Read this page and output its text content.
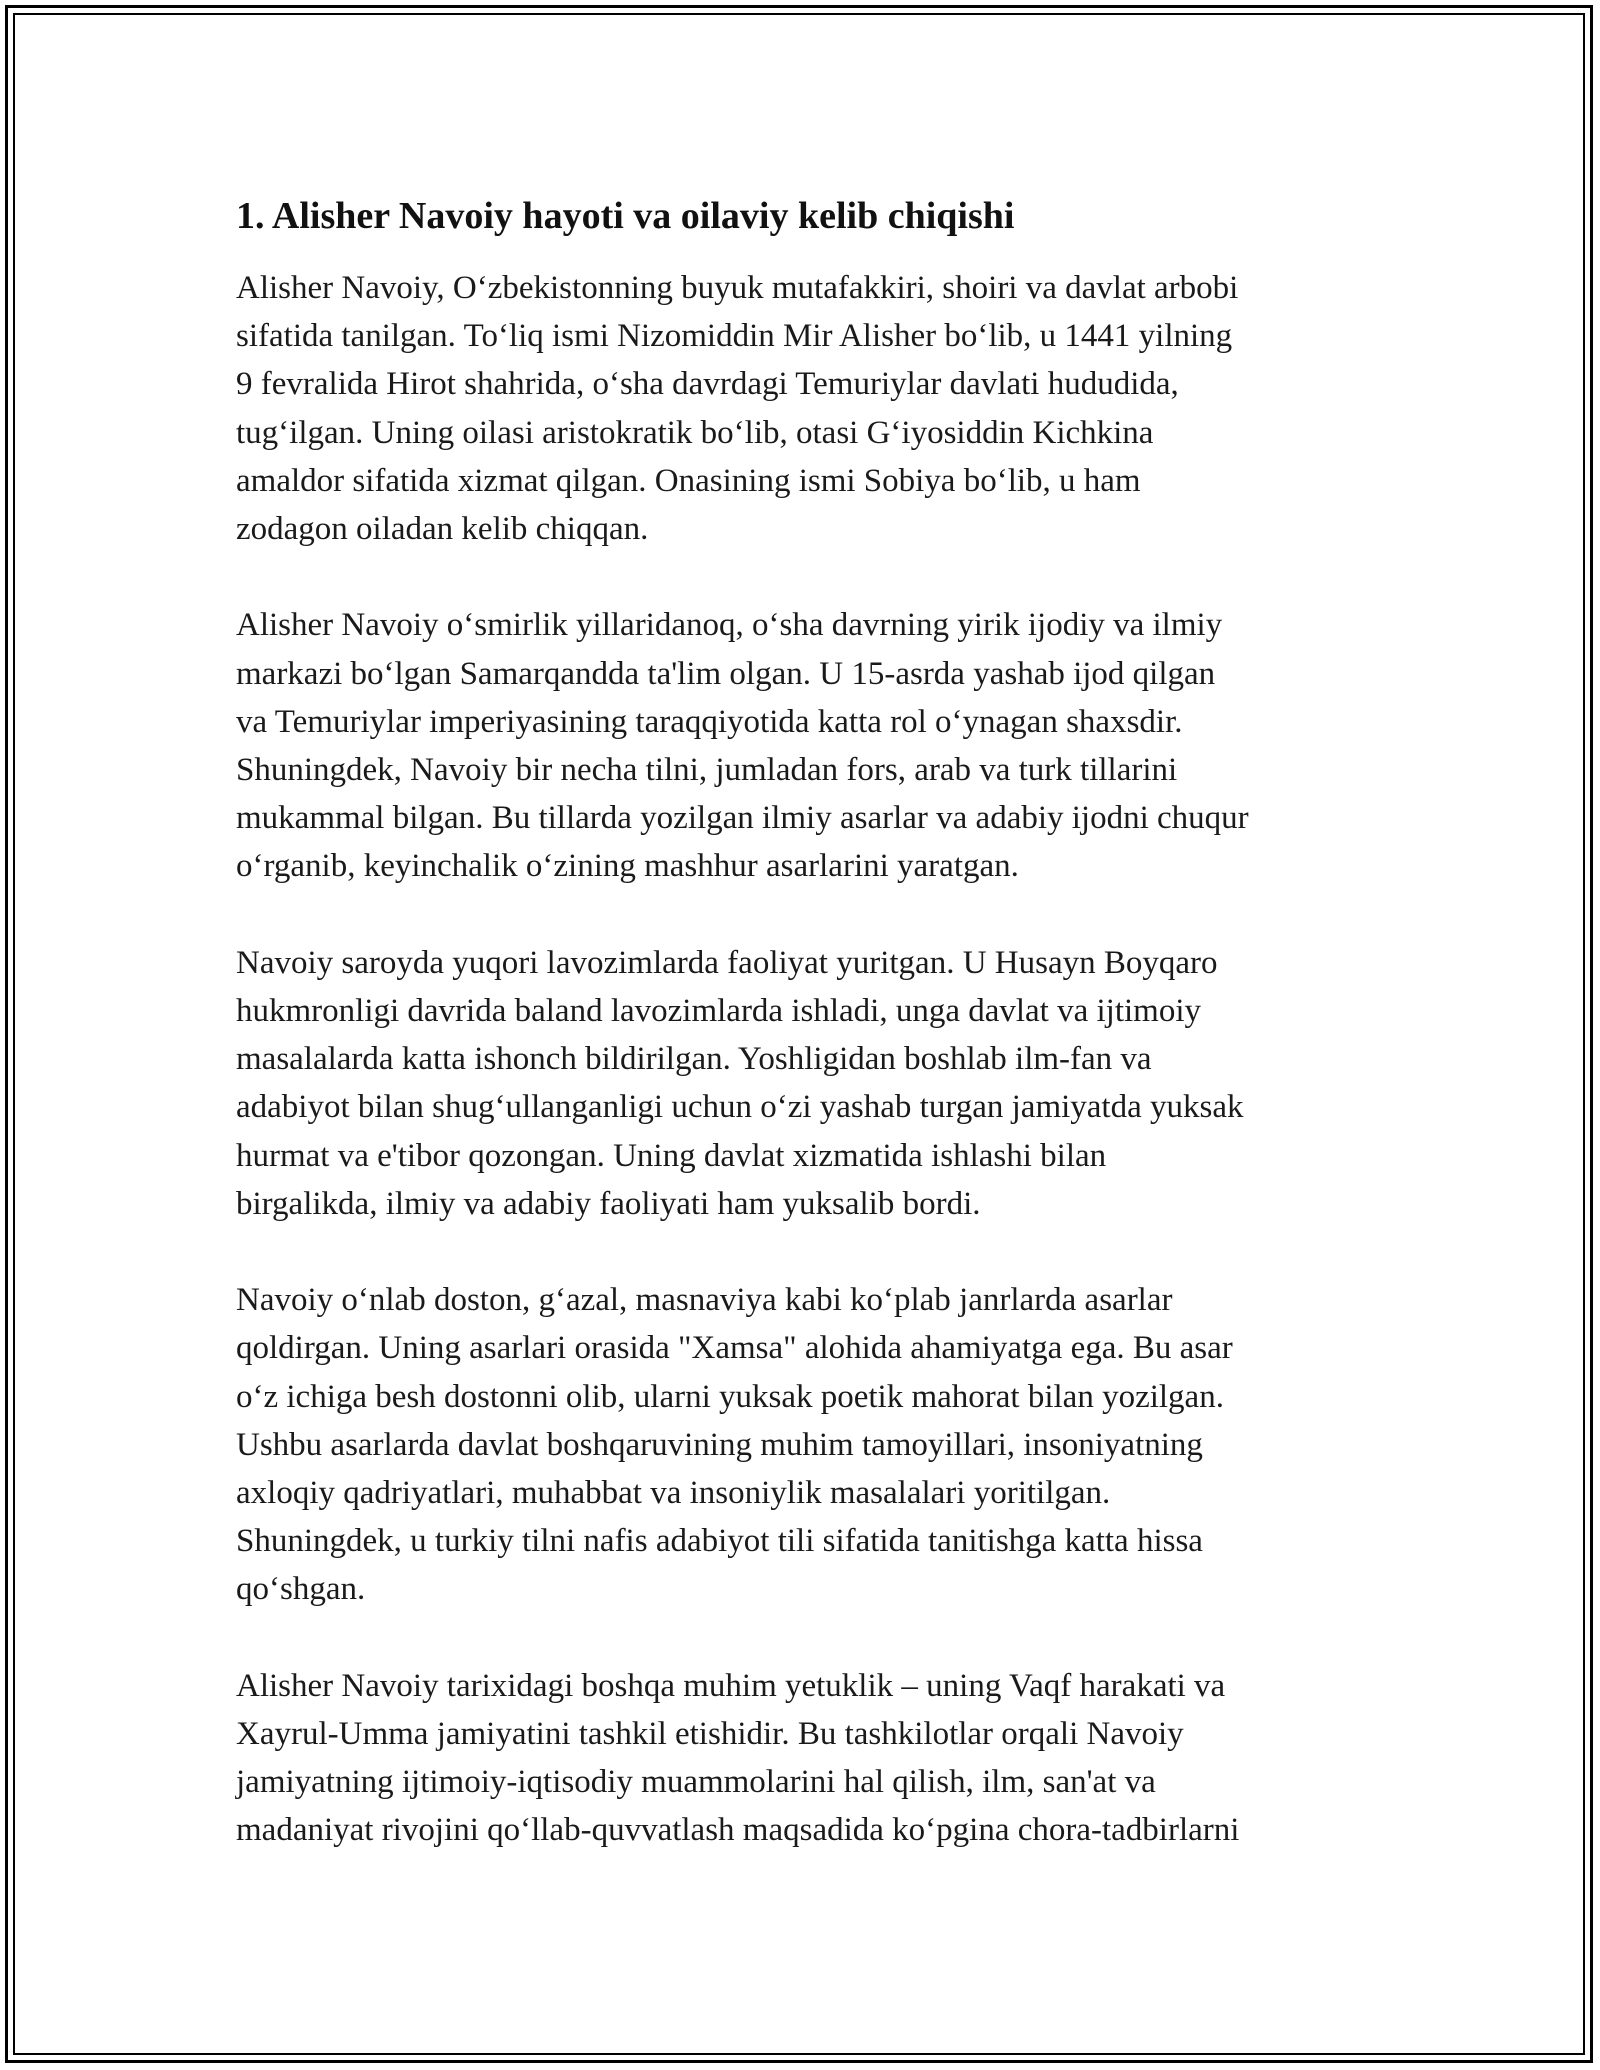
1. Alisher Navoiy hayoti va oilaviy kelib chiqishi
Alisher Navoiy, O‘zbekistonning buyuk mutafakkiri, shoiri va davlat arbobi
sifatida tanilgan. To‘liq ismi Nizomiddin Mir Alisher bo‘lib, u 1441 yilning
9 fevralida Hirot shahrida, o‘sha davrdagi Temuriylar davlati hududida,
tug‘ilgan. Uning oilasi aristokratik bo‘lib, otasi G‘iyosiddin Kichkina
amaldor sifatida xizmat qilgan. Onasining ismi Sobiya bo‘lib, u ham
zodagon oiladan kelib chiqqan.
Alisher Navoiy o‘smirlik yillaridanoq, o‘sha davrning yirik ijodiy va ilmiy
markazi bo‘lgan Samarqandda ta'lim olgan. U 15-asrda yashab ijod qilgan
va Temuriylar imperiyasining taraqqiyotida katta rol o‘ynagan shaxsdir.
Shuningdek, Navoiy bir necha tilni, jumladan fors, arab va turk tillarini
mukammal bilgan. Bu tillarda yozilgan ilmiy asarlar va adabiy ijodni chuqur
o‘rganib, keyinchalik o‘zining mashhur asarlarini yaratgan.
Navoiy saroyda yuqori lavozimlarda faoliyat yuritgan. U Husayn Boyqaro
hukmronligi davrida baland lavozimlarda ishladi, unga davlat va ijtimoiy
masalalarda katta ishonch bildirilgan. Yoshligidan boshlab ilm-fan va
adabiyot bilan shug‘ullanganligi uchun o‘zi yashab turgan jamiyatda yuksak
hurmat va e'tibor qozongan. Uning davlat xizmatida ishlashi bilan
birgalikda, ilmiy va adabiy faoliyati ham yuksalib bordi.
Navoiy o‘nlab doston, g‘azal, masnaviya kabi ko‘plab janrlarda asarlar
qoldirgan. Uning asarlari orasida "Xamsa" alohida ahamiyatga ega. Bu asar
o‘z ichiga besh dostonni olib, ularni yuksak poetik mahorat bilan yozilgan.
Ushbu asarlarda davlat boshqaruvining muhim tamoyillari, insoniyatning
axloqiy qadriyatlari, muhabbat va insoniylik masalalari yoritilgan.
Shuningdek, u turkiy tilni nafis adabiyot tili sifatida tanitishga katta hissa
qo‘shgan.
Alisher Navoiy tarixidagi boshqa muhim yetuklik – uning Vaqf harakati va
Xayrul-Umma jamiyatini tashkil etishidir. Bu tashkilotlar orqali Navoiy
jamiyatning ijtimoiy-iqtisodiy muammolarini hal qilish, ilm, san'at va
madaniyat rivojini qo‘llab-quvvatlash maqsadida ko‘pgina chora-tadbirlarni
